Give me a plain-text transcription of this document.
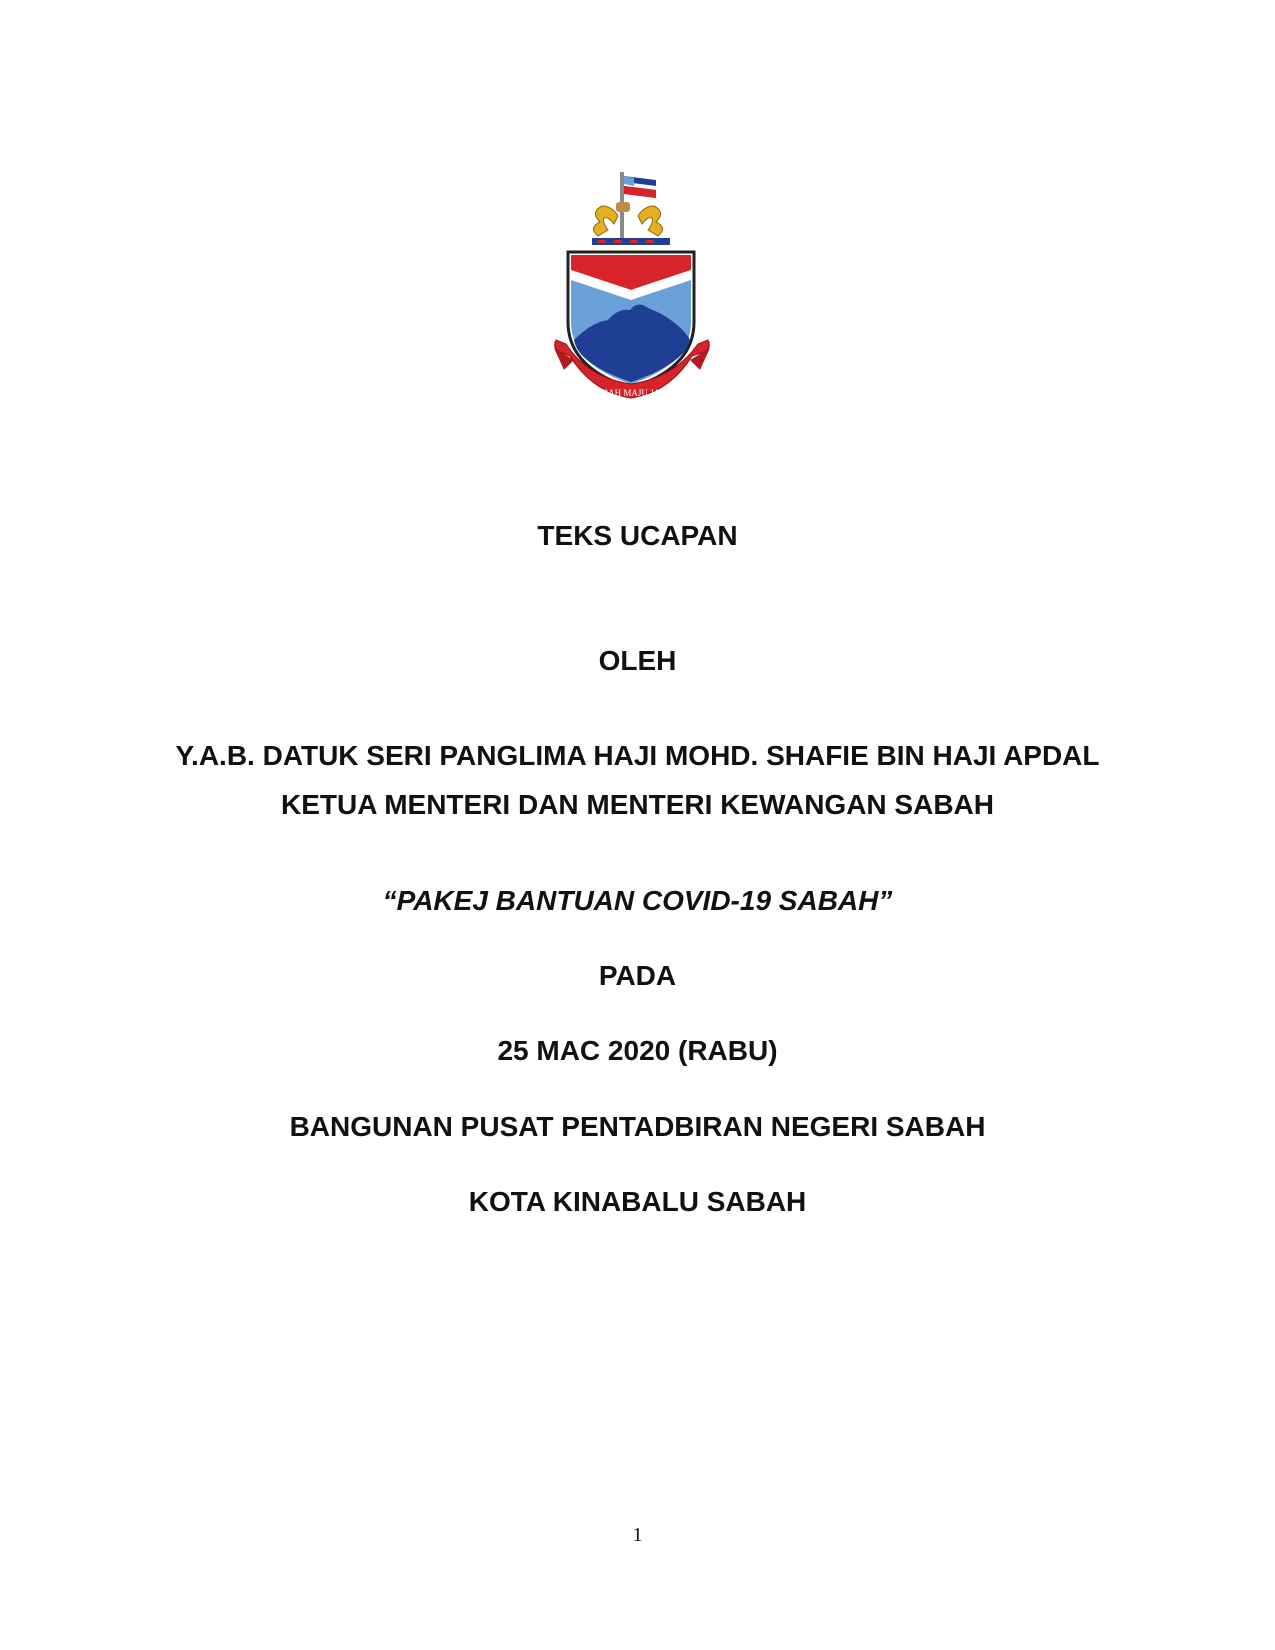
SABAH MAJU JAYA
TEKS UCAPAN
OLEH
Y.A.B. DATUK SERI PANGLIMA HAJI MOHD. SHAFIE BIN HAJI APDAL
KETUA MENTERI DAN MENTERI KEWANGAN SABAH
“PAKEJ BANTUAN COVID-19 SABAH”
PADA
25 MAC 2020 (RABU)
BANGUNAN PUSAT PENTADBIRAN NEGERI SABAH
KOTA KINABALU SABAH
1
